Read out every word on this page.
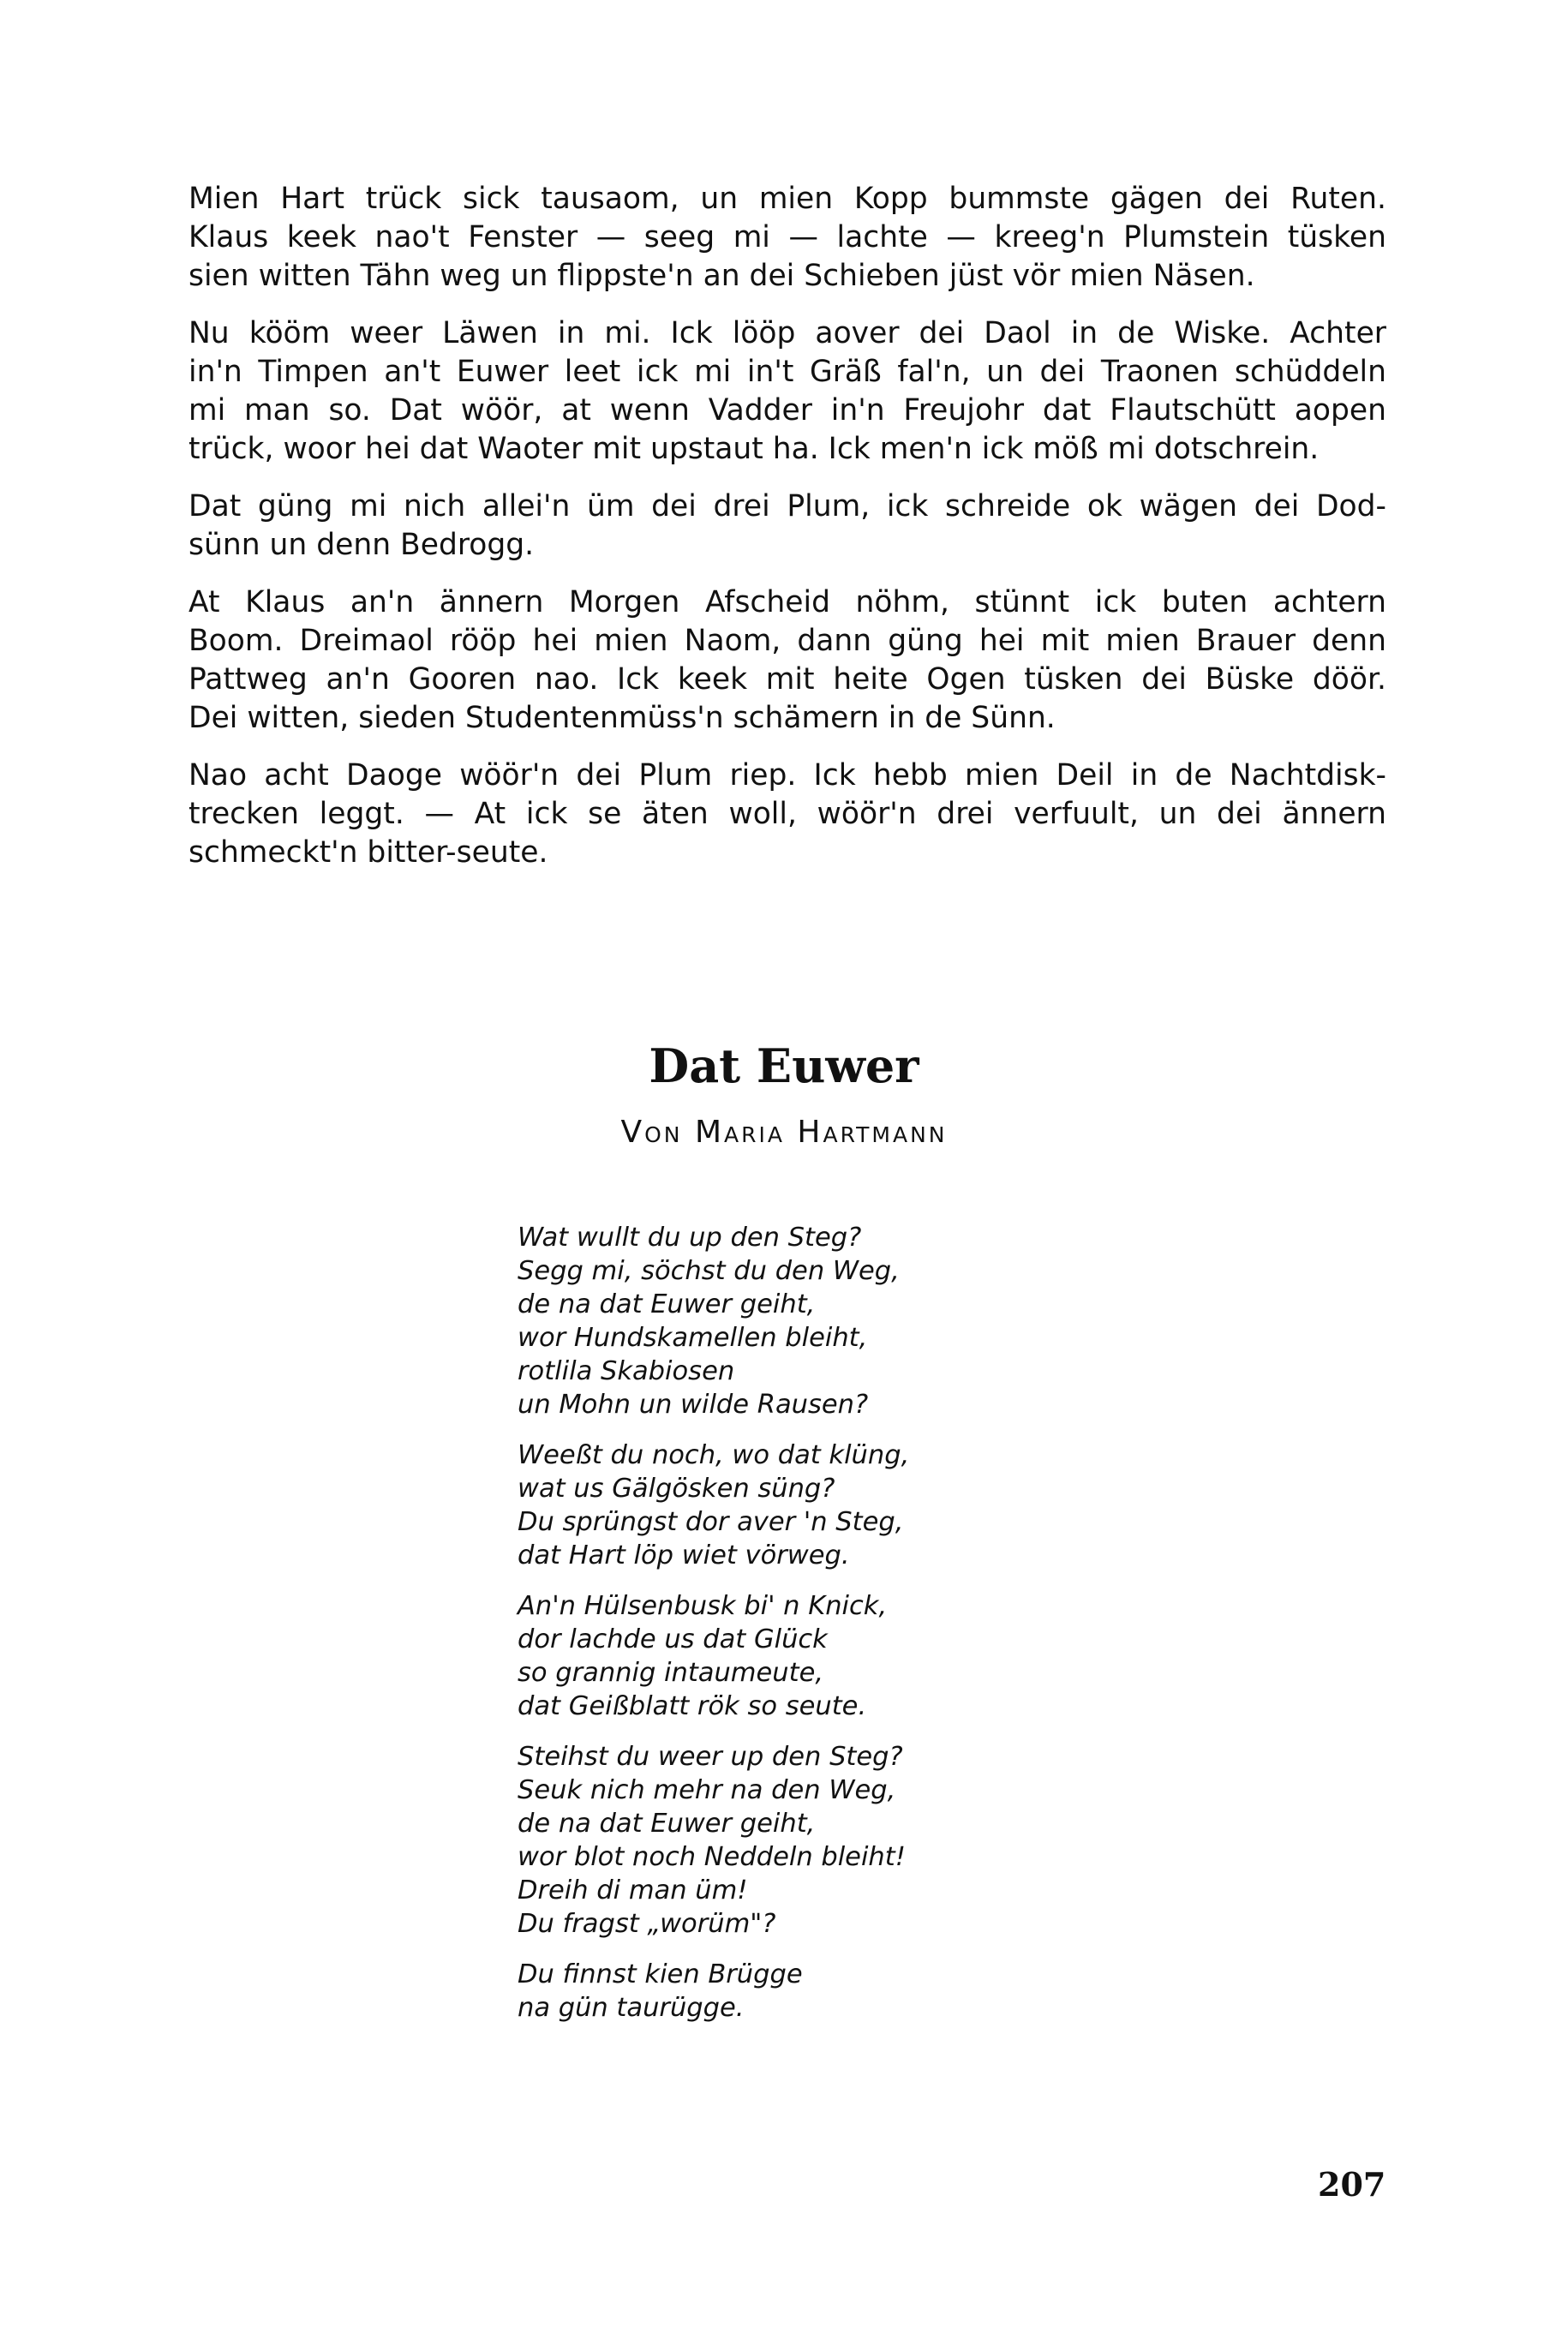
Mien Hart trück sick tausaom, un mien Kopp bummste gägen dei Ruten.
Klaus keek nao't Fenster — seeg mi — lachte — kreeg'n Plumstein tüsken
sien witten Tähn weg un flippste'n an dei Schieben jüst vör mien Näsen.

Nu kööm weer Läwen in mi. Ick lööp aover dei Daol in de Wiske. Achter
in'n Timpen an't Euwer leet ick mi in't Gräß fal'n, un dei Traonen schüddeln
mi man so. Dat wöör, at wenn Vadder in'n Freujohr dat Flautschütt aopen
trück, woor hei dat Waoter mit upstaut ha. Ick men'n ick möß mi dotschrein.

Dat güng mi nich allei'n üm dei drei Plum, ick schreide ok wägen dei Dod-
sünn un denn Bedrogg.

At Klaus an'n ännern Morgen Afscheid nöhm, stünnt ick buten achtern
Boom. Dreimaol rööp hei mien Naom, dann güng hei mit mien Brauer denn
Pattweg an'n Gooren nao. Ick keek mit heite Ogen tüsken dei Büske döör.
Dei witten, sieden Studentenmüss'n schämern in de Sünn.

Nao acht Daoge wöör'n dei Plum riep. Ick hebb mien Deil in de Nachtdisk-
trecken leggt. — At ick se äten woll, wöör'n drei verfuult, un dei ännern
schmeckt'n bitter-seute.

Dat Euwer
Von Maria Hartmann
Wat wullt du up den Steg?
Segg mi, söchst du den Weg,
de na dat Euwer geiht,
wor Hundskamellen bleiht,
rotlila Skabiosen
un Mohn un wilde Rausen?
Weeßt du noch, wo dat klüng,
wat us Gälgösken süng?
Du sprüngst dor aver 'n Steg,
dat Hart löp wiet vörweg.
An'n Hülsenbusk bi' n Knick,
dor lachde us dat Glück
so grannig intaumeute,
dat Geißblatt rök so seute.
Steihst du weer up den Steg?
Seuk nich mehr na den Weg,
de na dat Euwer geiht,
wor blot noch Neddeln bleiht!
Dreih di man üm!
Du fragst „worüm"?
Du finnst kien Brügge
na gün taurügge.
207
